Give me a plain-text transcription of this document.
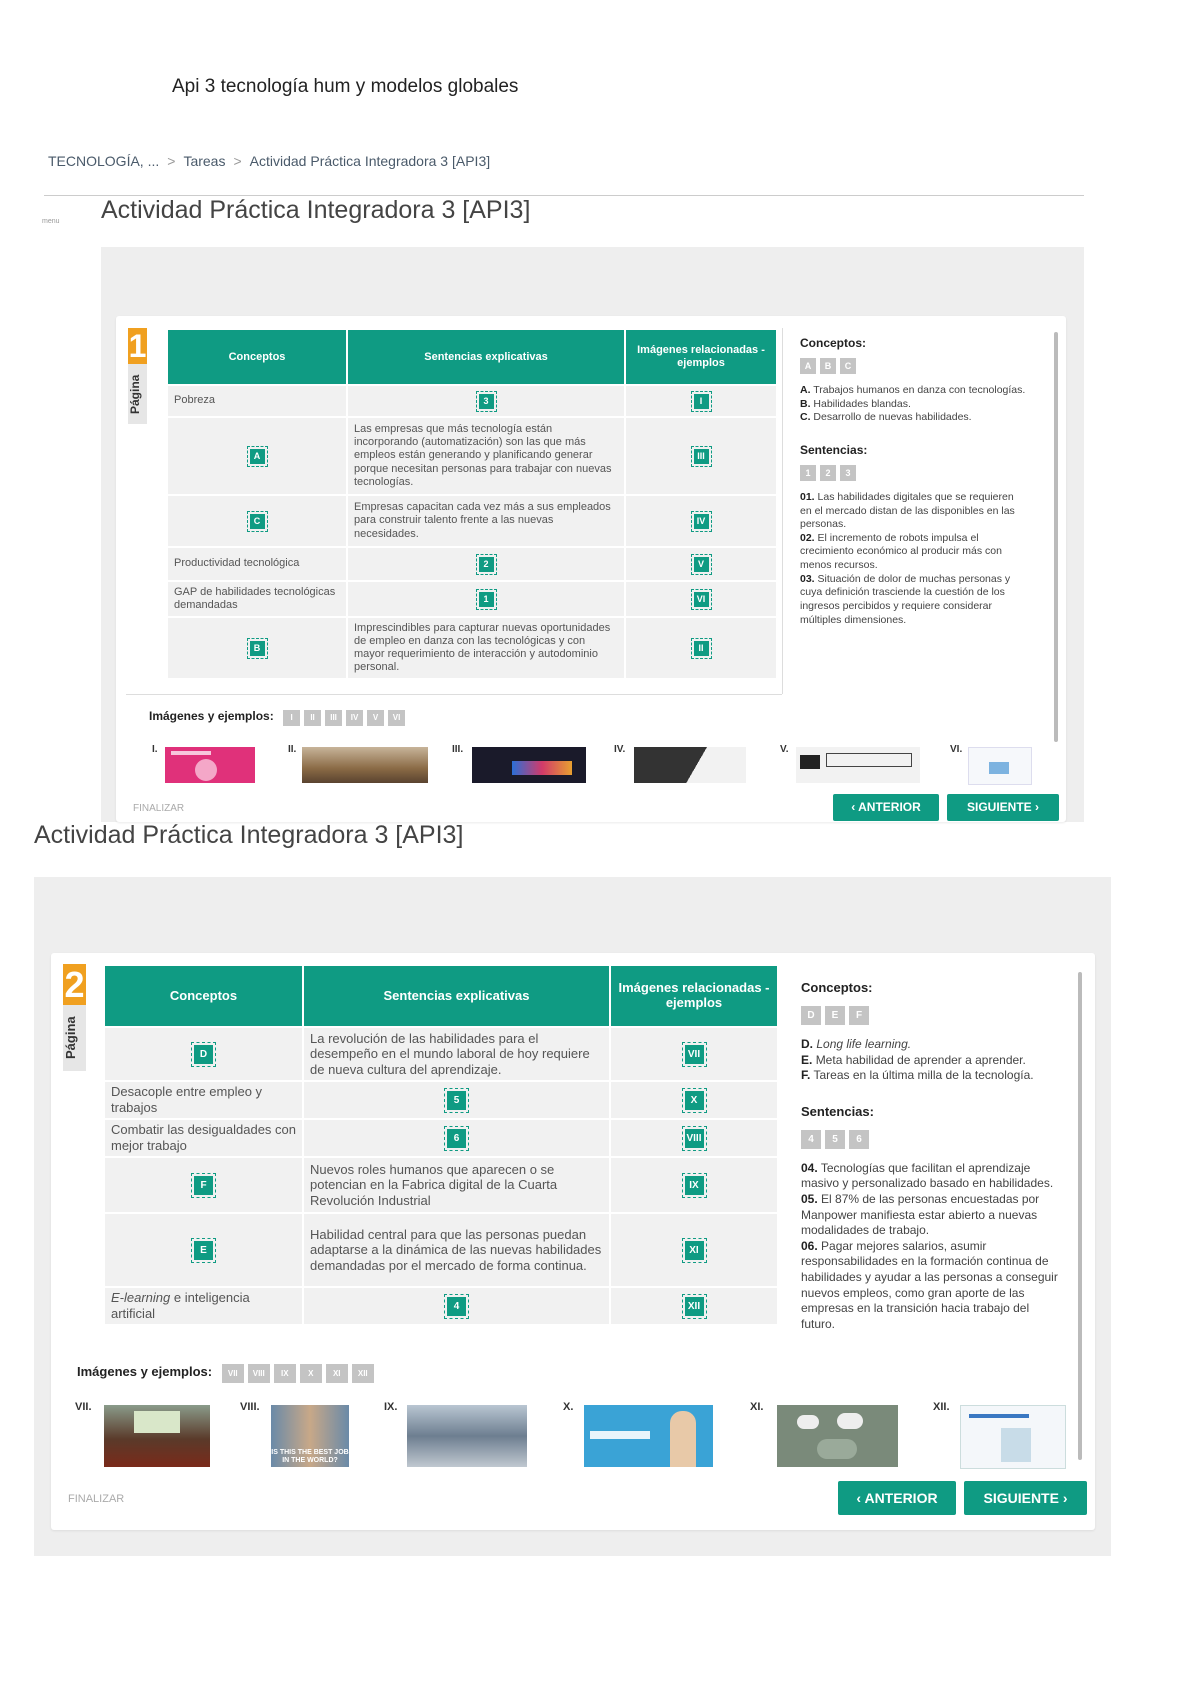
Api 3 tecnología hum y modelos globales
TECNOLOGÍA, ... > Tareas > Actividad Práctica Integradora 3 [API3]
menu Actividad Práctica Integradora 3 [API3]
1
Página
Conceptos	Sentencias explicativas	Imágenes relacionadas - ejemplos
Pobreza	3	I
A	Las empresas que más tecnología están incorporando (automatización) son las que más empleos están generando y planificando generar porque necesitan personas para trabajar con nuevas tecnologías.	III
C	Empresas capacitan cada vez más a sus empleados para construir talento frente a las nuevas necesidades.	IV
Productividad tecnológica	2	V
GAP de habilidades tecnológicas demandadas	1	VI
B	Imprescindibles para capturar nuevas oportunidades de empleo en danza con las tecnológicas y con mayor requerimiento de interacción y autodominio personal.	II
Conceptos:
A B C
A. Trabajos humanos en danza con tecnologías.
B. Habilidades blandas.
C. Desarrollo de nuevas habilidades.
Sentencias:
1 2 3
01. Las habilidades digitales que se requieren en el mercado distan de las disponibles en las personas.
02. El incremento de robots impulsa el crecimiento económico al producir más con menos recursos.
03. Situación de dolor de muchas personas y cuya definición trasciende la cuestión de los ingresos percibidos y requiere considerar múltiples dimensiones.
Imágenes y ejemplos: I II III IV V VI
I.	II.	III.	IV.	V.	VI.
FINALIZAR	‹ ANTERIOR	SIGUIENTE ›
Actividad Práctica Integradora 3 [API3]
2
Página
Conceptos	Sentencias explicativas	Imágenes relacionadas - ejemplos
D	La revolución de las habilidades para el desempeño en el mundo laboral de hoy requiere de nueva cultura del aprendizaje.	VII
Desacople entre empleo y trabajos	5	X
Combatir las desigualdades con mejor trabajo	6	VIII
F	Nuevos roles humanos que aparecen o se potencian en la Fabrica digital de la Cuarta Revolución Industrial	IX
E	Habilidad central para que las personas puedan adaptarse a la dinámica de las nuevas habilidades demandadas por el mercado de forma continua.	XI
E-learning e inteligencia artificial	4	XII
Conceptos:
D E F
D. Long life learning.
E. Meta habilidad de aprender a aprender.
F. Tareas en la última milla de la tecnología.
Sentencias:
4 5 6
04. Tecnologías que facilitan el aprendizaje masivo y personalizado basado en habilidades.
05. El 87% de las personas encuestadas por Manpower manifiesta estar abierto a nuevas modalidades de trabajo.
06. Pagar mejores salarios, asumir responsabilidades en la formación continua de habilidades y ayudar a las personas a conseguir nuevos empleos, como gran aporte de las empresas en la transición hacia trabajo del futuro.
Imágenes y ejemplos: VII VIII IX X XI XII
VII.	VIII.
IS THIS THE BEST JOB IN THE WORLD?
IX.	X.	XI.	XII.
FINALIZAR	‹ ANTERIOR	SIGUIENTE ›
